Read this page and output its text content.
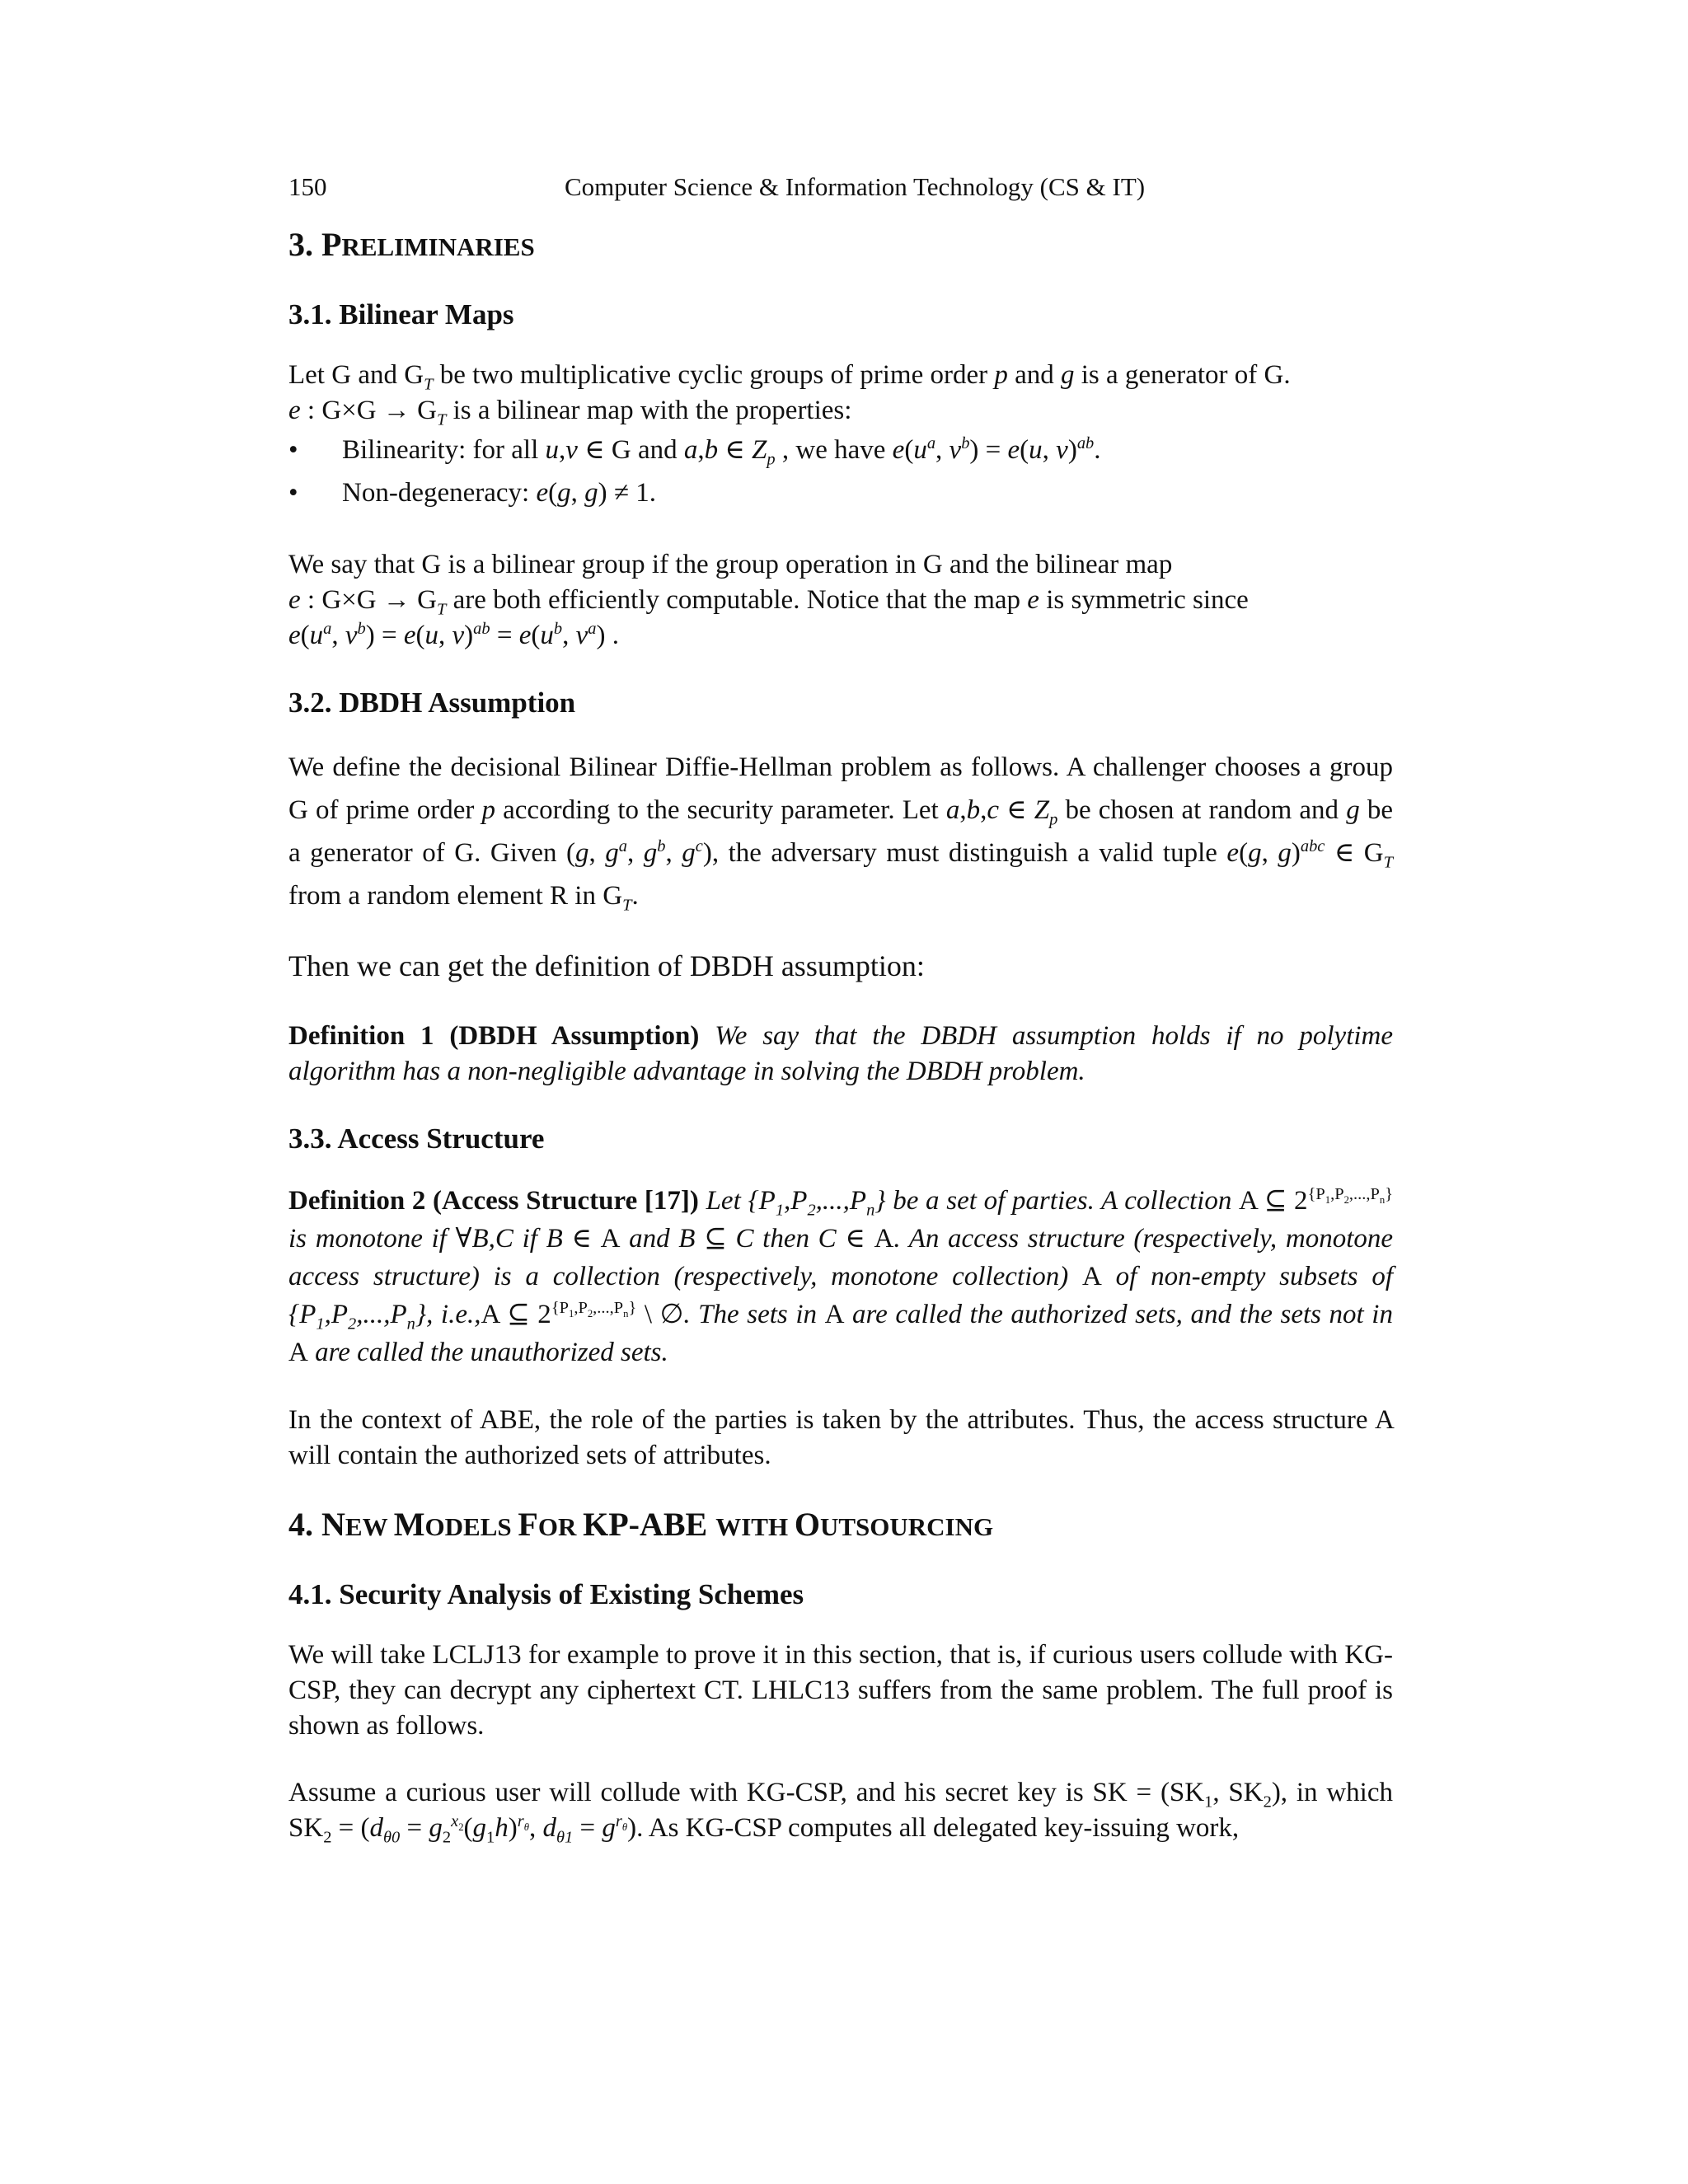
150	Computer Science & Information Technology (CS & IT)
3. PRELIMINARIES
3.1. Bilinear Maps

Let G and $G_T$ be two multiplicative cyclic groups of prime order p and g is a generator of G.
e : $G\times G \to G_T$ is a bilinear map with the properties:

• Bilinearity: for all u,v ∈ G and a,b ∈ $Z_p$ , we have $e(u^a$, $v^b) = e(u$, v)$^{ab}$.
• Non-degeneracy: e(g, g) ≠ 1.

We say that G is a bilinear group if the group operation in G and the bilinear map
e : $G\times G \to G_T$ are both efficiently computable. Notice that the map e is symmetric since
$e(u^a$, $v^b) = e(u$, $v)^{ab} = e(u^b$, $v^a$) .

3.2. DBDH Assumption

We define the decisional Bilinear Diffie-Hellman problem as follows. A challenger chooses a group G of prime order p according to the security parameter. Let a,b,c ∈ $Z_p$ be chosen at random and g be a generator of G. Given (g, $g^a$, $g^b$, $g^c$), the adversary must distinguish a valid tuple e(g, g)$^{abc}$ ∈ $G_T$ from a random element R in $G_T$.

Then we can get the definition of DBDH assumption:

Definition 1 (DBDH Assumption) We say that the DBDH assumption holds if no polytime algorithm has a non-negligible advantage in solving the DBDH problem.

3.3. Access Structure

Definition 2 (Access Structure [17]) Let $\{P_1,P_2,...,P_n\}$ be a set of parties. A collection A ⊆ $2^{\{P_1,P_2,...,P_n\}}$ is monotone if ∀B,C if B ∈ A and B ⊆ C then C ∈ A. An access structure (respectively, monotone access structure) is a collection (respectively, monotone collection) A of non-empty subsets of $\{P_1,P_2,...,P_n\}$, i.e.,A ⊆ $2^{\{P_1,P_2,...,P_n\}}$ \ ∅. The sets in A are called the authorized sets, and the sets not in A are called the unauthorized sets.

In the context of ABE, the role of the parties is taken by the attributes. Thus, the access structure A will contain the authorized sets of attributes.

4. NEW MODELS FOR KP-ABE WITH OUTSOURCING
4.1. Security Analysis of Existing Schemes

We will take LCLJ13 for example to prove it in this section, that is, if curious users collude with KG-CSP, they can decrypt any ciphertext CT. LHLC13 suffers from the same problem. The full proof is shown as follows.

Assume a curious user will collude with KG-CSP, and his secret key is SK = ($SK_1$, $SK_2$), in which $SK_2 = (d_{\theta 0} = g_2^{x_2}(g_1h)^{r_\theta}$, $d_{\theta 1} = g^{r_\theta}$). As KG-CSP computes all delegated key-issuing work,
